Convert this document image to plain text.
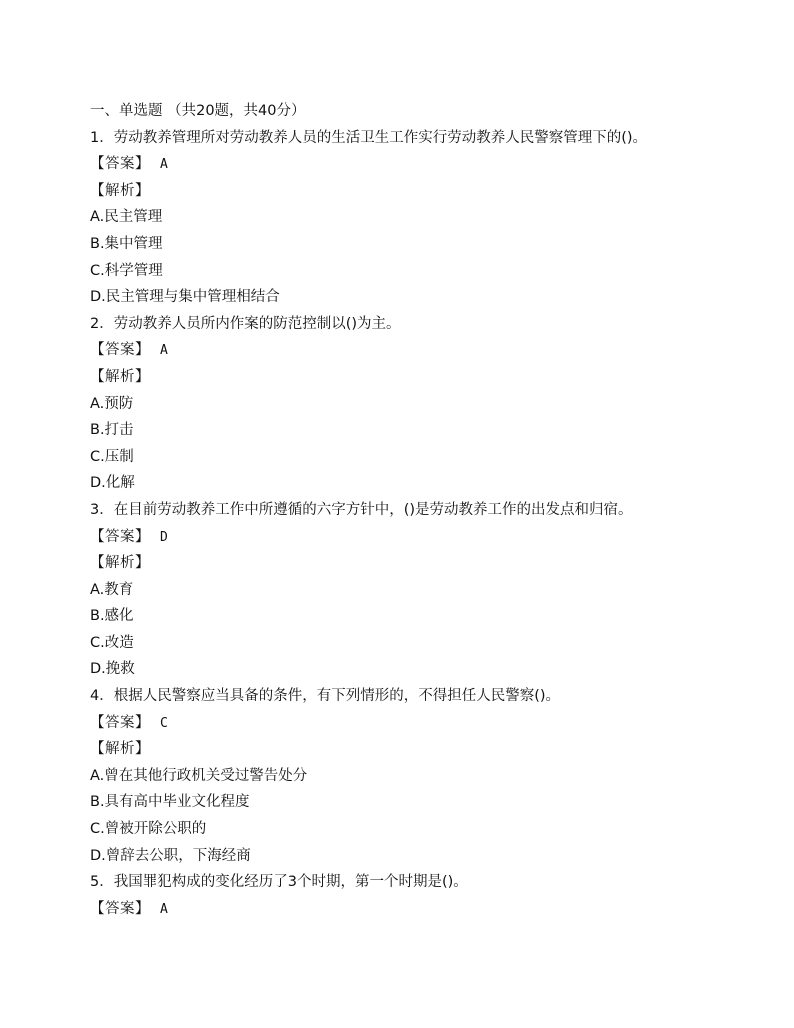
一、单选题 （共20题，共40分）
1．劳动教养管理所对劳动教养人员的生活卫生工作实行劳动教养人民警察管理下的()。
【答案】 A
【解析】
A.民主管理
B.集中管理
C.科学管理
D.民主管理与集中管理相结合
2．劳动教养人员所内作案的防范控制以()为主。
【答案】 A
【解析】
A.预防
B.打击
C.压制
D.化解
3．在目前劳动教养工作中所遵循的六字方针中，()是劳动教养工作的出发点和归宿。
【答案】 D
【解析】
A.教育
B.感化
C.改造
D.挽救
4．根据人民警察应当具备的条件，有下列情形的，不得担任人民警察()。
【答案】 C
【解析】
A.曾在其他行政机关受过警告处分
B.具有高中毕业文化程度
C.曾被开除公职的
D.曾辞去公职，下海经商
5．我国罪犯构成的变化经历了3个时期，第一个时期是()。
【答案】 A
